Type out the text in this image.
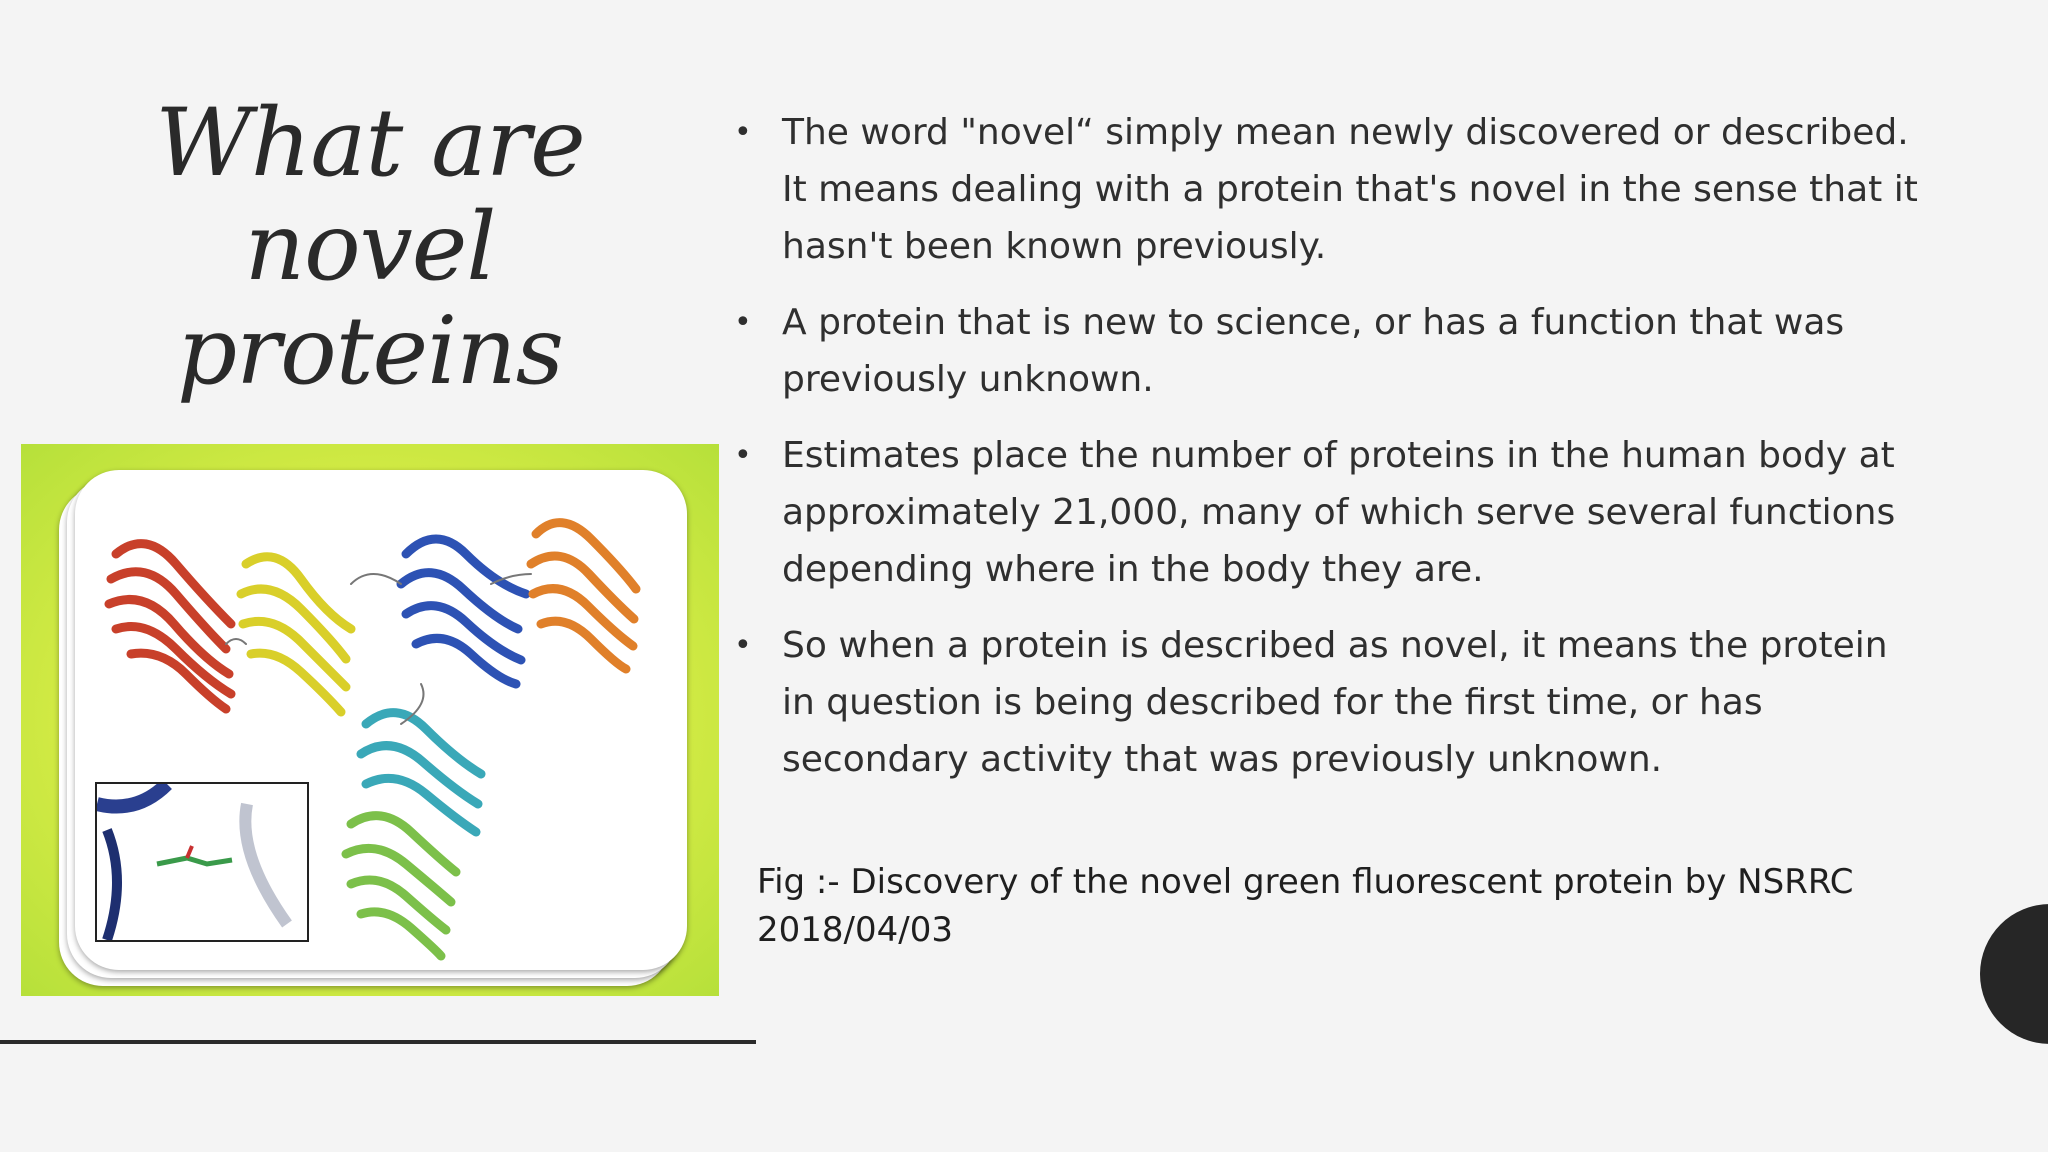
What are
novel
proteins
• The word "novel“ simply mean newly discovered or described. It means dealing with a protein that's novel in the sense that it hasn't been known previously.
• A protein that is new to science, or has a function that was previously unknown.
• Estimates place the number of proteins in the human body at approximately 21,000, many of which serve several functions depending where in the body they are.
• So when a protein is described as novel, it means the protein in question is being described for the first time, or has secondary activity that was previously unknown.
Fig :- Discovery of the novel green fluorescent protein by NSRRC
2018/04/03
